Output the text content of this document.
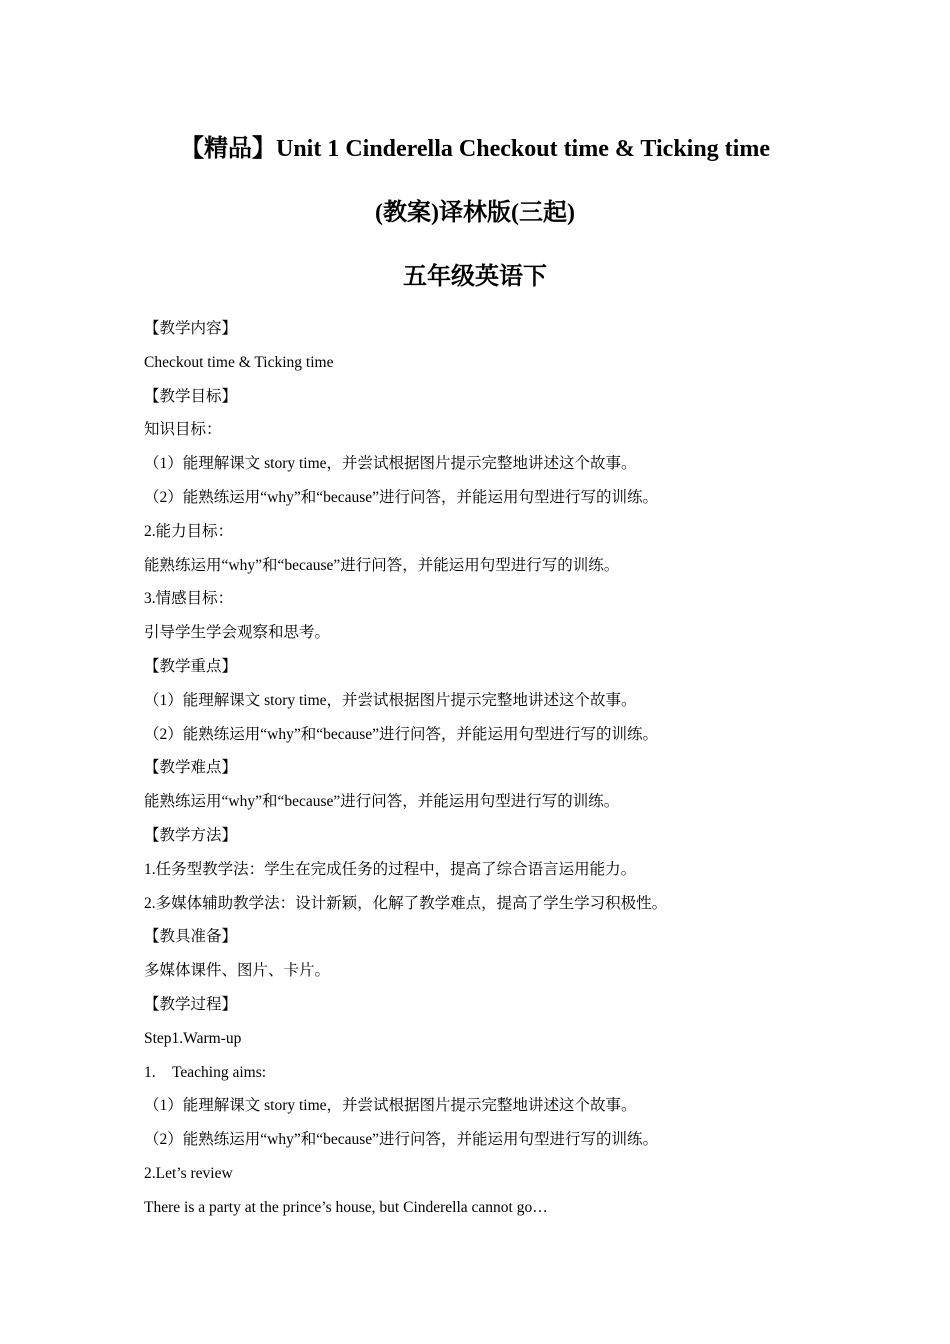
【精品】Unit 1 Cinderella Checkout time & Ticking time
(教案)译林版(三起)
五年级英语下
【教学内容】
Checkout time & Ticking time
【教学目标】
知识目标：
（1）能理解课文 story time，并尝试根据图片提示完整地讲述这个故事。
（2）能熟练运用“why”和“because”进行问答，并能运用句型进行写的训练。
2.能力目标：
能熟练运用“why”和“because”进行问答，并能运用句型进行写的训练。
3.情感目标：
引导学生学会观察和思考。
【教学重点】
（1）能理解课文 story time，并尝试根据图片提示完整地讲述这个故事。
（2）能熟练运用“why”和“because”进行问答，并能运用句型进行写的训练。
【教学难点】
能熟练运用“why”和“because”进行问答，并能运用句型进行写的训练。
【教学方法】
1.任务型教学法：学生在完成任务的过程中，提高了综合语言运用能力。
2.多媒体辅助教学法：设计新颖，化解了教学难点，提高了学生学习积极性。
【教具准备】
多媒体课件、图片、卡片。
【教学过程】
Step1.Warm-up
1. Teaching aims:
（1）能理解课文 story time，并尝试根据图片提示完整地讲述这个故事。
（2）能熟练运用“why”和“because”进行问答，并能运用句型进行写的训练。
2.Let’s review
There is a party at the prince’s house, but Cinderella cannot go…
